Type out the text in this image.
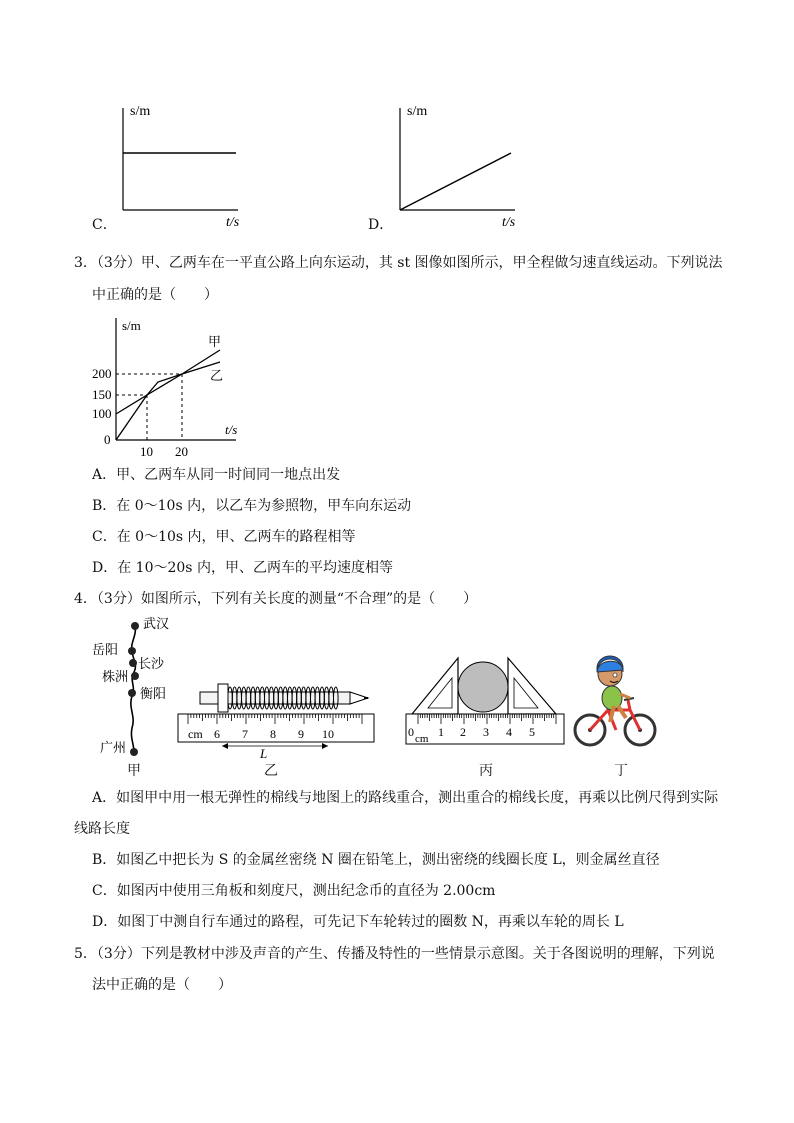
s/m
t/s
C．
s/m
t/s
D．
3．（3分）甲、乙两车在一平直公路上向东运动，其 st 图像如图所示，甲全程做匀速直线运动。下列说法
中正确的是（　　）
s/m
t/s
甲
乙
200
150
100
0
10 20
A．甲、乙两车从同一时间同一地点出发
B．在 0～10s 内，以乙车为参照物，甲车向东运动
C．在 0～10s 内，甲、乙两车的路程相等
D．在 10～20s 内，甲、乙两车的平均速度相等
4．（3分）如图所示，下列有关长度的测量“不合理”的是（　　）
武汉
岳阳
长沙
株洲
衡阳
广州
甲
cm 6 7 8 9 10
L
乙
0 cm 1 2 3 4 5
丙	丁
A．如图甲中用一根无弹性的棉线与地图上的路线重合，测出重合的棉线长度，再乘以比例尺得到实际
线路长度
B．如图乙中把长为 S 的金属丝密绕 N 圈在铅笔上，测出密绕的线圈长度 L，则金属丝直径
C．如图丙中使用三角板和刻度尺，测出纪念币的直径为 2.00cm
D．如图丁中测自行车通过的路程，可先记下车轮转过的圈数 N，再乘以车轮的周长 L
5．（3分）下列是教材中涉及声音的产生、传播及特性的一些情景示意图。关于各图说明的理解，下列说
法中正确的是（　　）
